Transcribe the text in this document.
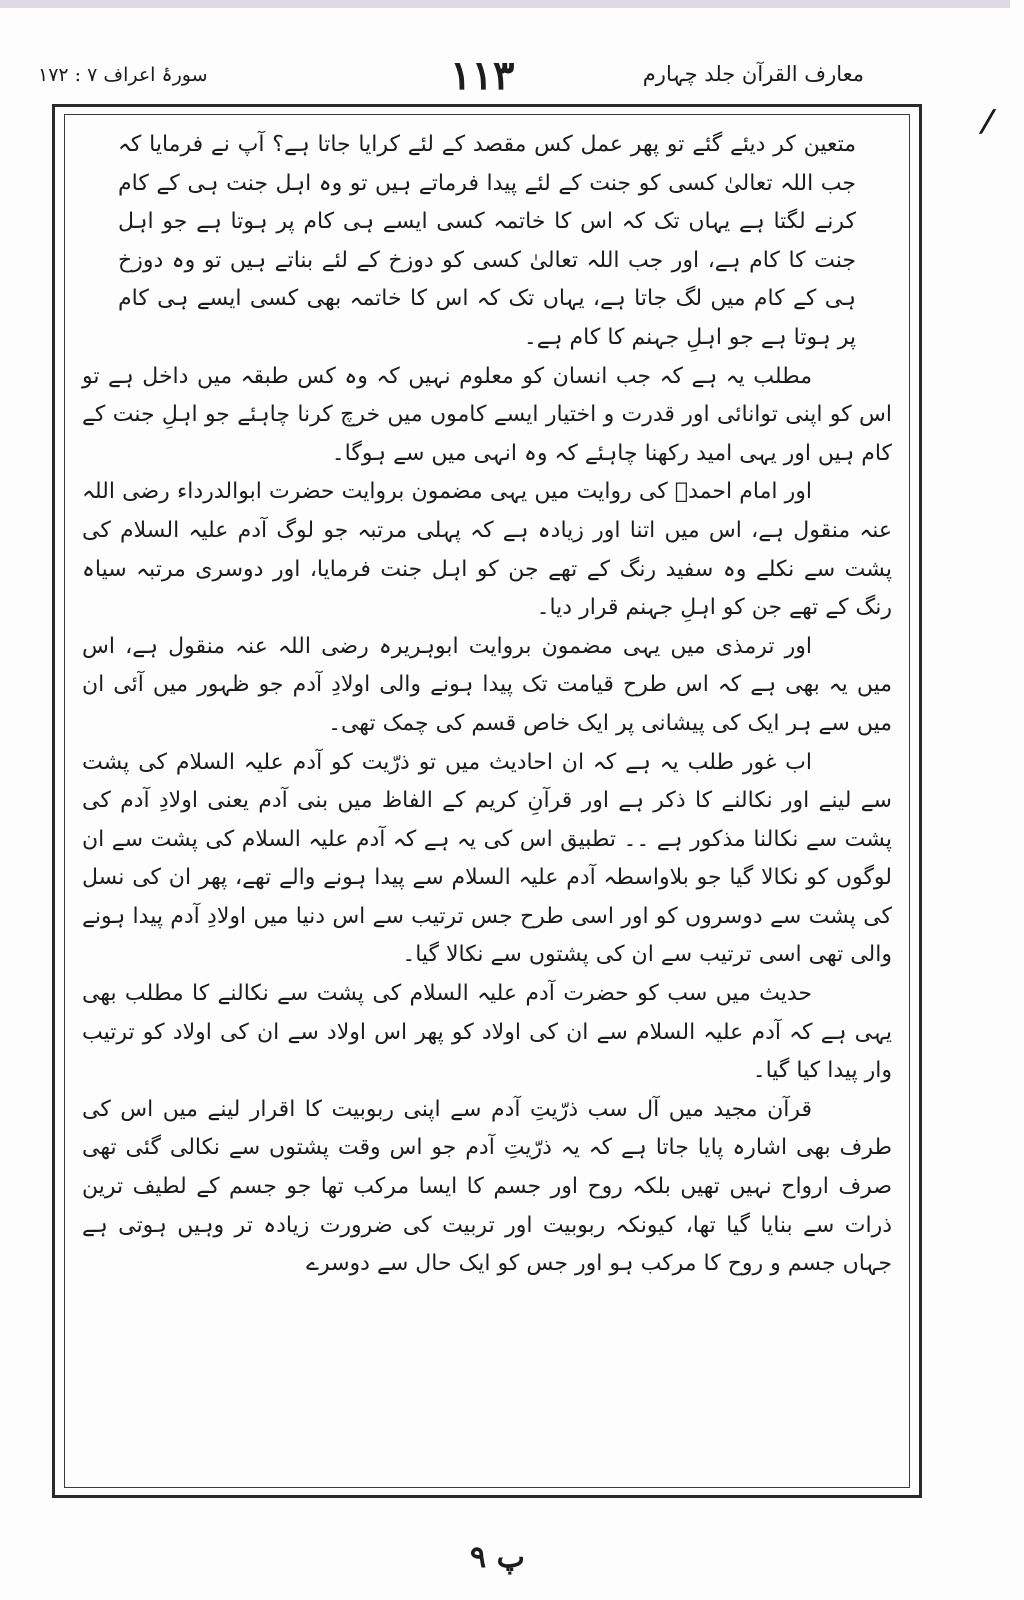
معارف القرآن جلد چہارم
١١٣
سورۂ اعراف ۷ : ۱۷۲
/

متعین کر دیئے گئے تو پھر عمل کس مقصد کے لئے کرایا جاتا ہے؟ آپ نے فرمایا کہ جب اللہ تعالیٰ کسی کو جنت کے لئے پیدا فرماتے ہیں تو وہ اہل جنت ہی کے کام کرنے لگتا ہے یہاں تک کہ اس کا خاتمہ کسی ایسے ہی کام پر ہوتا ہے جو اہل جنت کا کام ہے، اور جب اللہ تعالیٰ کسی کو دوزخ کے لئے بناتے ہیں تو وہ دوزخ ہی کے کام میں لگ جاتا ہے، یہاں تک کہ اس کا خاتمہ بھی کسی ایسے ہی کام پر ہوتا ہے جو اہلِ جہنم کا کام ہے۔

مطلب یہ ہے کہ جب انسان کو معلوم نہیں کہ وہ کس طبقہ میں داخل ہے تو اس کو اپنی توانائی اور قدرت و اختیار ایسے کاموں میں خرچ کرنا چاہئے جو اہلِ جنت کے کام ہیں اور یہی امید رکھنا چاہئے کہ وہ انہی میں سے ہوگا۔

اور امام احمدؒ کی روایت میں یہی مضمون بروایت حضرت ابوالدرداء رضی اللہ عنہ منقول ہے، اس میں اتنا اور زیادہ ہے کہ پہلی مرتبہ جو لوگ آدم علیہ السلام کی پشت سے نکلے وہ سفید رنگ کے تھے جن کو اہل جنت فرمایا، اور دوسری مرتبہ سیاہ رنگ کے تھے جن کو اہلِ جہنم قرار دیا۔

اور ترمذی میں یہی مضمون بروایت ابوہریرہ رضی اللہ عنہ منقول ہے، اس میں یہ بھی ہے کہ اس طرح قیامت تک پیدا ہونے والی اولادِ آدم جو ظہور میں آئی ان میں سے ہر ایک کی پیشانی پر ایک خاص قسم کی چمک تھی۔

اب غور طلب یہ ہے کہ ان احادیث میں تو ذرّیت کو آدم علیہ السلام کی پشت سے لینے اور نکالنے کا ذکر ہے اور قرآنِ کریم کے الفاظ میں بنی آدم یعنی اولادِ آدم کی پشت سے نکالنا مذکور ہے ۔۔ تطبیق اس کی یہ ہے کہ آدم علیہ السلام کی پشت سے ان لوگوں کو نکالا گیا جو بلاواسطہ آدم علیہ السلام سے پیدا ہونے والے تھے، پھر ان کی نسل کی پشت سے دوسروں کو اور اسی طرح جس ترتیب سے اس دنیا میں اولادِ آدم پیدا ہونے والی تھی اسی ترتیب سے ان کی پشتوں سے نکالا گیا۔

حدیث میں سب کو حضرت آدم علیہ السلام کی پشت سے نکالنے کا مطلب بھی یہی ہے کہ آدم علیہ السلام سے ان کی اولاد کو پھر اس اولاد سے ان کی اولاد کو ترتیب وار پیدا کیا گیا۔

قرآن مجید میں آل سب ذرّیتِ آدم سے اپنی ربوبیت کا اقرار لینے میں اس کی طرف بھی اشارہ پایا جاتا ہے کہ یہ ذرّیتِ آدم جو اس وقت پشتوں سے نکالی گئی تھی صرف ارواح نہیں تھیں بلکہ روح اور جسم کا ایسا مرکب تھا جو جسم کے لطیف ترین ذرات سے بنایا گیا تھا، کیونکہ ربوبیت اور تربیت کی ضرورت زیادہ تر وہیں ہوتی ہے جہاں جسم و روح کا مرکب ہو اور جس کو ایک حال سے دوسرے

پ ۹
